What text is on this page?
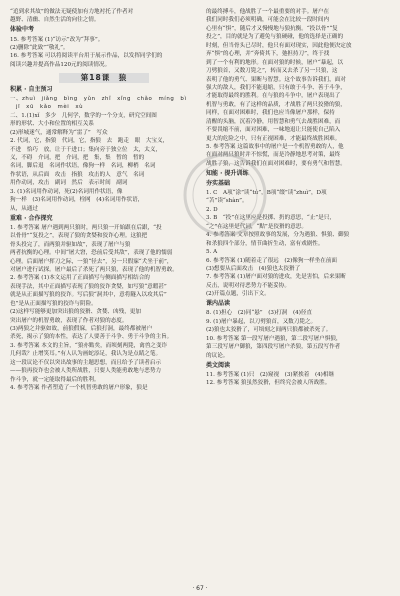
“追到求其故”的做法无疑使加有力地衬托了作者对

越野、清幽、自然生活的向往之情。

体验中考

15. 参考答案 (1)“访示”改为“拜事”。

(2)删除“此致”“敬礼”。

16. 参考答案 可以将阅读平台用于展示作品，以发挥同学们的

阅读兴趣并提高作品120元的阅读情况。

第18课　狼
积累 · 自主预习

一、zhuì　jiǎng　bìng　yǔn　zhǐ　xǐng　chǎo　míng　bì

　jī　xū　kǎo　mèi　xù

二、1.(1)xǐ　多少　几何学，数学的一个分支，研究空间图

形的形状、大小和位置的相互关系

(2)形城迷气，通常解释为“雷了”　写众

2. 代词，它，指狼　代词，它，指狼　去　跑走　眼　大宝义，

不进　恰巧　放，让于千进口；集向旁于独立位　太，太义，

义，不碍　介词，把　介词，把　集，集　暂的　暂的　

名词，脚后退　名词作状语，像狗一样　名词，柳梢　名词

作状语，从后面　攻击　指狼　攻击的人　意气　名词

用作动词，攻击　副词　然后　表示时间　副词

3. (1)名词用作动词，死(2)名词用作状语，像

狗一样　(3)名词用作动词，栓网　(4)名词用作状语，

从，从通过

重难 · 合作探究

1. 参考答案 屠户遇到两只狼时，两只狼一开始跟在后跟，“投

以骨骨”“复投之”，表现了狼的贪婪和狡诈心理。这狼把

骨头投完了，而两狼并驱如故”，表现了屠户与狼

两者抗衡的心理。中间“屠大窘，恐前后受其敌”，表现了他的懦弱

心理。后面屠户挥刀之际，一狼“径去”，另一只假寐“犬坐于前”，

对屠户进行试探。屠户最后了杀死了两只狼，表现了他的机智勇敢。

2. 参考答案 (1)本文运用了正面描写与侧面描写相结合的

表现手法，其中正面描写表现了狼的狡诈贪婪，如写狼“意暇甚”

就是从正面描写狼的狡诈。写后狼“洞其中，意将隧入以攻其后”

也”是从正面描写狼的狡诈与阴险。

(2)这样写能够更加突出狼的狡猾、贪婪、凶残，更加

突出屠户的机智勇敢，表现了作者对狼的态度。

(3)两狼之并驱如故，前狼假寐，后狼打洞，最终都被屠户

杀死，揭示了狼的本性，表达了人要善于斗争、勇于斗争的主旨。

3. 参考答案 本文的主旨，“狼亦黠矣，而顷刻两毙，禽兽之变诈

几何哉？止增笑耳。”有人认为画蛇添足，我认为是点睛之笔。

这一段议论不仅以突出故事的主题思想，而且给予了读者启示

——狼再狡诈也会被人类所战胜，只要人类能勇敢地与恶势力

作斗争，就一定能取得最后的胜利。

4. 参考答案 作者塑造了一个机智勇敢的屠户形象，狼是

的最终搏斗，他战胜了一个最重要的对手。屠户在

我们同时我们必须明确，可能会在比较一段时间内

心里有“惧”，随后才又慢慢地与狼抗衡。“投以骨”“复

投之”，目的就是为了避免与狼硬碰，他的选择是正确的

时刻，但当骨头已尽时，他只有面对现实，因此他便决定放

弃“惧”的心理，并“奔倚其下，弛担持刀”，终于找

到了一个有利的地形。在面对狼的时候，屠户“暴起，以

刀劈狼首，又数刀毙之”，转而又去杀了另一只狼，这

表明了他的勇气、果断与智慧。这个故事告诉我们，面对

强大的敌人，我们不能退缩，只有敢于斗争、善于斗争，

才能取得最终的胜利。在与狼的斗争中，屠户表现出了

机智与勇敢，有了这样的品质，才战胜了两只狡猾的狼，

同样，在面对困难时，我们也应当像屠户那样，保持

清醒的头脑，沉着冷静，用智慧和勇气去战胜困难，而

不要畏缩不前，面对困难，一味地退让只能使自己陷入

更大的危险之中，只有正视困难，才能最终战胜困难。

5. 参考答案 这篇故事中的屠户是一个机智勇敢的人，他

在面对两只狼时并不惊慌，而是冷静地思考对策，最终

战胜了狼，这告诉我们在面对困难时，要有勇气和智慧。

知能 · 提升训练
夯实基础

1. C　A项“涂”读“tú”，B项“缀”读“zhuì”，D项

“苫”读“shàn”。

2. D

3. B　“投”在这里应是投掷、扔的意思，“止”是只，

“之”在这里是代词，“黠”是狡猾的意思。

4. 参考答案 文章按照故事的发展，分为遇狼、惧狼、御狼

和杀狼四个部分，情节曲折生动，富有戏剧性。

5. A

6. 参考答案 (1)随着走了很远　(2)像狗一样坐在前面

(3)想要从后面攻击　(4)狼也太狡猾了

7. 参考答案 (1)屠户面对狼的进攻，先是害怕，后来果断

反击，说明对待恶势力不能妥协。

(2)开篇点题，引出下文。

课内品读

8. (1)担心　(2)同“悬”　(3)打洞　(4)径直

9. (1)屠户暴起，以刀劈狼首，又数刀毙之。

(2)狼也太狡猾了，可顷刻之间两只狼都被杀死了。

10. 参考答案 第一段写屠户遇狼，第二段写屠户惧狼，

第三段写屠户御狼，第四段写屠户杀狼，第五段写作者

的议论。

类文阅读

11. 参考答案 (1)只　(2)窥视　(3)紧挨着　(4)相继

12. 参考答案 狼虽然狡猾，但终究会被人所战胜。

· 67 ·
